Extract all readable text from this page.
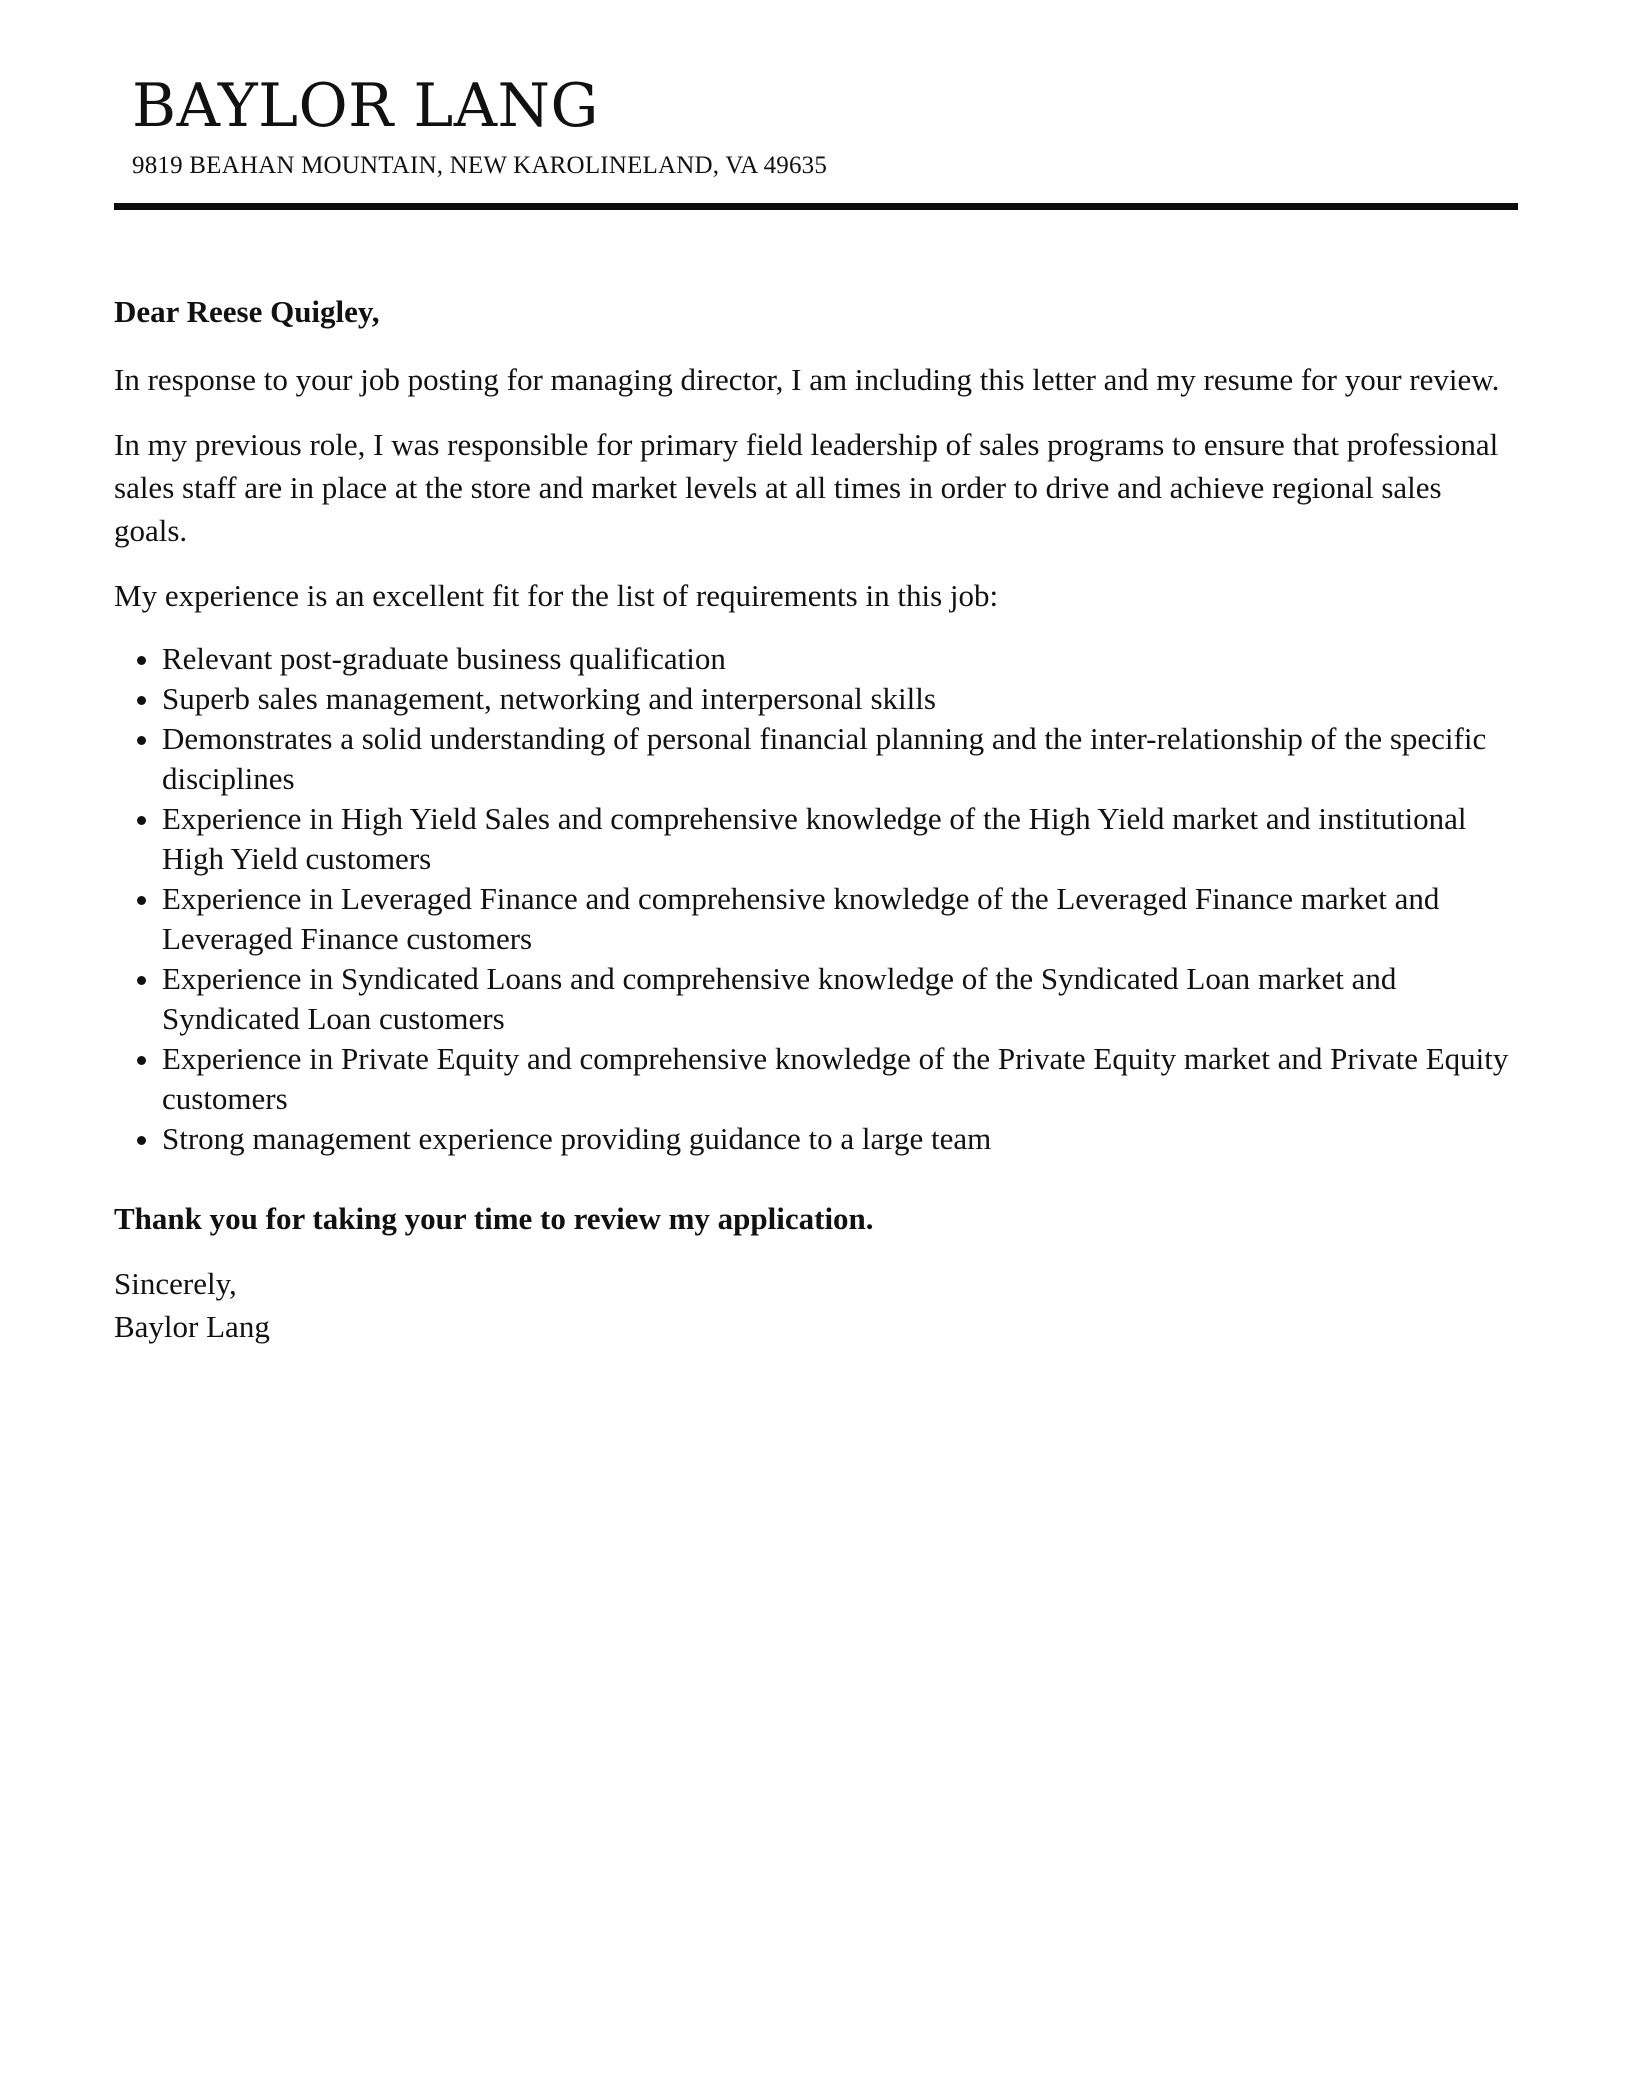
BAYLOR LANG
9819 BEAHAN MOUNTAIN, NEW KAROLINELAND, VA 49635

Dear Reese Quigley,

In response to your job posting for managing director, I am including this letter and my resume for your review.

In my previous role, I was responsible for primary field leadership of sales programs to ensure that professional sales staff are in place at the store and market levels at all times in order to drive and achieve regional sales goals.

My experience is an excellent fit for the list of requirements in this job:

• Relevant post-graduate business qualification
• Superb sales management, networking and interpersonal skills
• Demonstrates a solid understanding of personal financial planning and the inter-relationship of the specific disciplines
• Experience in High Yield Sales and comprehensive knowledge of the High Yield market and institutional High Yield customers
• Experience in Leveraged Finance and comprehensive knowledge of the Leveraged Finance market and Leveraged Finance customers
• Experience in Syndicated Loans and comprehensive knowledge of the Syndicated Loan market and Syndicated Loan customers
• Experience in Private Equity and comprehensive knowledge of the Private Equity market and Private Equity customers
• Strong management experience providing guidance to a large team

Thank you for taking your time to review my application.

Sincerely,

Baylor Lang
